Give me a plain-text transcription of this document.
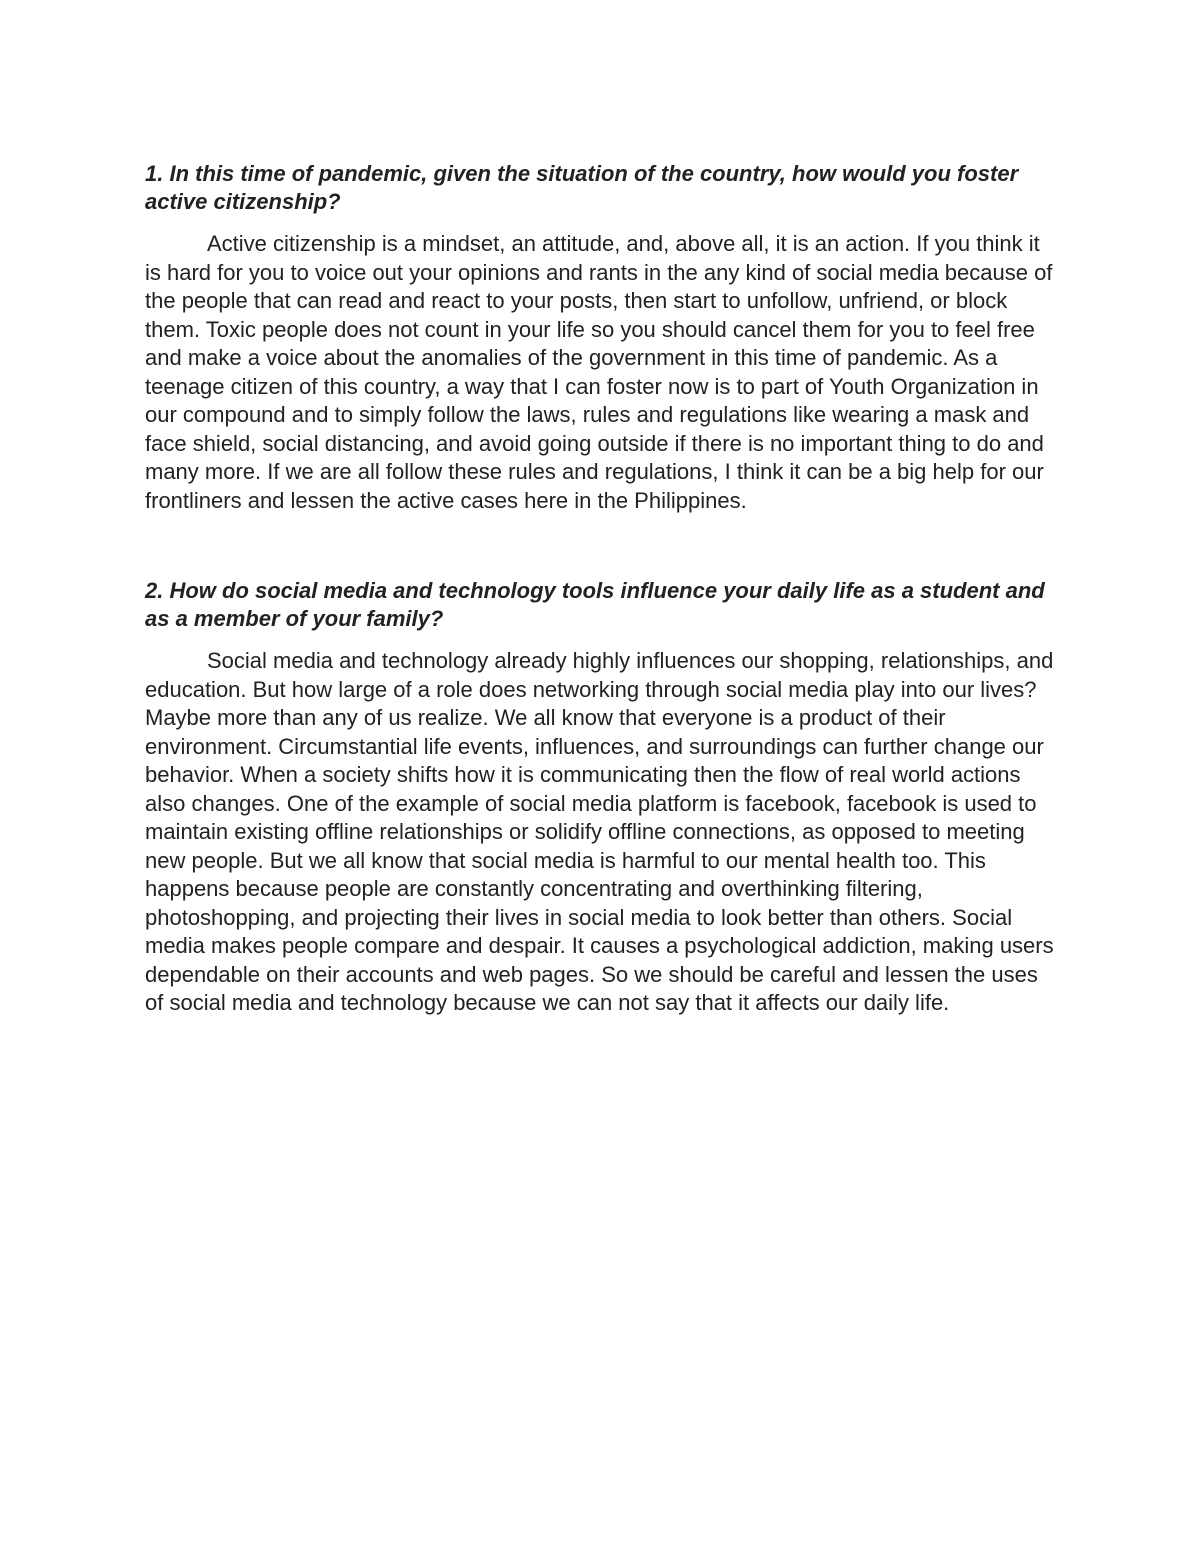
1. In this time of pandemic, given the situation of the country, how would you foster active citizenship?

Active citizenship is a mindset, an attitude, and, above all, it is an action. If you think it is hard for you to voice out your opinions and rants in the any kind of social media because of the people that can read and react to your posts, then start to unfollow, unfriend, or block them. Toxic people does not count in your life so you should cancel them for you to feel free and make a voice about the anomalies of the government in this time of pandemic. As a teenage citizen of this country, a way that I can foster now is to part of Youth Organization in our compound and to simply follow the laws, rules and regulations like wearing a mask and face shield, social distancing, and avoid going outside if there is no important thing to do and many more. If we are all follow these rules and regulations, I think it can be a big help for our frontliners and lessen the active cases here in the Philippines.

2. How do social media and technology tools influence your daily life as a student and as a member of your family?

Social media and technology already highly influences our shopping, relationships, and education. But how large of a role does networking through social media play into our lives? Maybe more than any of us realize. We all know that everyone is a product of their environment. Circumstantial life events, influences, and surroundings can further change our behavior. When a society shifts how it is communicating then the flow of real world actions also changes. One of the example of social media platform is facebook, facebook is used to maintain existing offline relationships or solidify offline connections, as opposed to meeting new people. But we all know that social media is harmful to our mental health too. This happens because people are constantly concentrating and overthinking filtering, photoshopping, and projecting their lives in social media to look better than others. Social media makes people compare and despair. It causes a psychological addiction, making users dependable on their accounts and web pages. So we should be careful and lessen the uses of social media and technology because we can not say that it affects our daily life.
